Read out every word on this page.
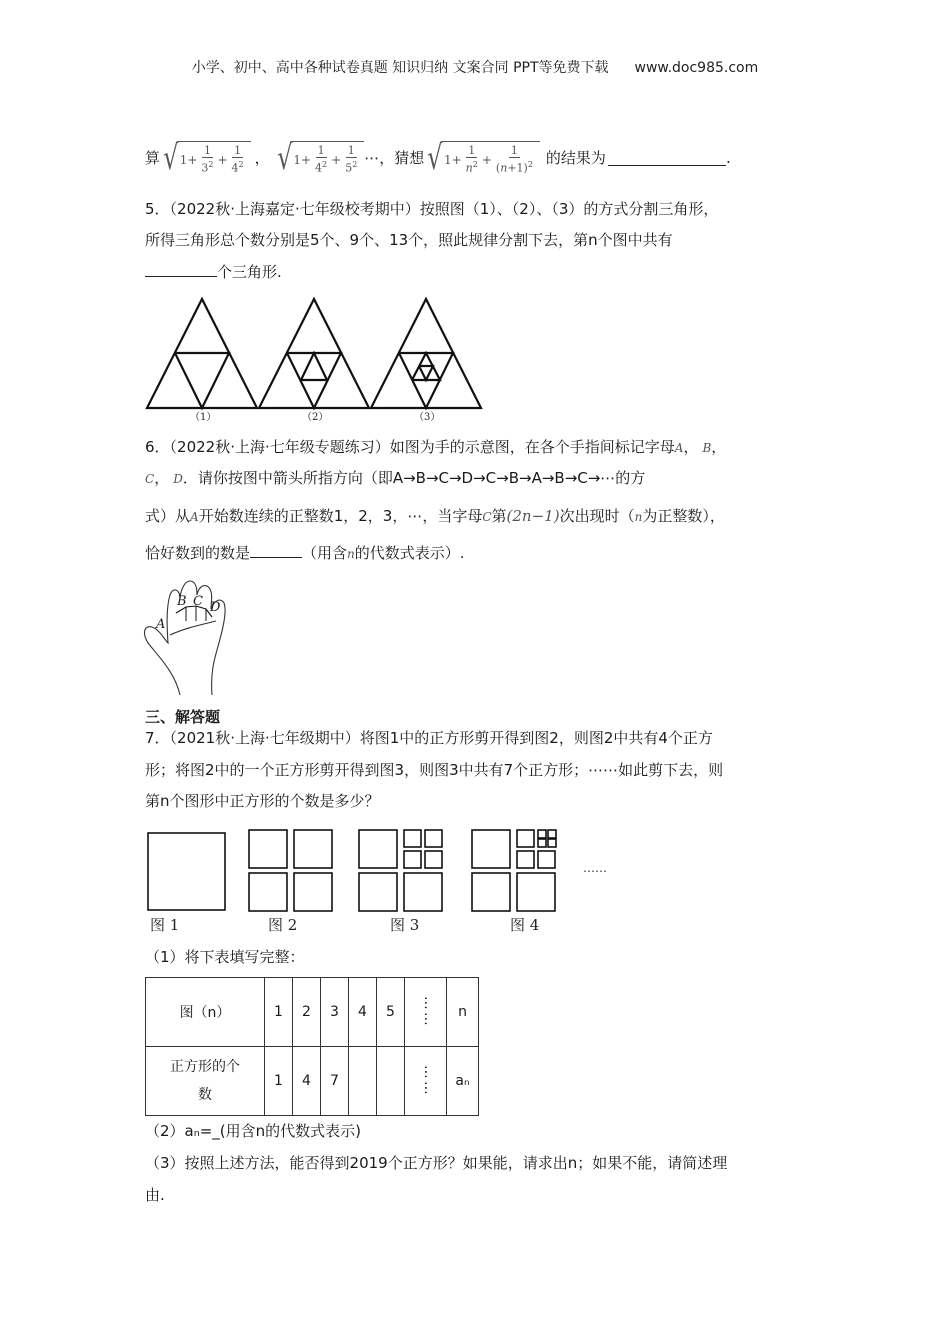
小学、初中、高中各种试卷真题 知识归纳 文案合同 PPT等免费下载 www.doc985.com
算 √ $1+ \frac{1}{3^2} + \frac{1}{4^2}$ ， √ $1+ \frac{1}{4^2} + \frac{1}{5^2}$ ⋯，猜想 √ $1+ \frac{1}{n^2} + \frac{1}{(n+1)^2}$ 的结果为	.
5．（2022秋·上海嘉定·七年级校考期中）按照图（1）、（2）、（3）的方式分割三角形，
所得三角形总个数分别是5个、9个、13个，照此规律分割下去，第n个图中共有
个三角形.
（1）	（2）	（3）
6．（2022秋·上海·七年级专题练习）如图为手的示意图，在各个手指间标记字母A， B，
C， D．请你按图中箭头所指方向（即A→B→C→D→C→B→A→B→C→⋯的方
式）从A开始数连续的正整数1，2，3，⋯，当字母C第(2n−1)次出现时（n为正整数），
恰好数到的数是	（用含n的代数式表示）.
A
B C D
三、解答题
7．（2021秋·上海·七年级期中）将图1中的正方形剪开得到图2，则图2中共有4个正方
形；将图2中的一个正方形剪开得到图3，则图3中共有7个正方形；⋯⋯如此剪下去，则
第n个图形中正方形的个数是多少？
图 1	图 2	图 3	图 4
⋯⋯
（1）将下表填写完整：
图（n）	1	2	3	4	5	⋯⋯	n
正方形的个
数	1	4	7			⋯⋯	aₙ
（2）aₙ=_(用含n的代数式表示)
（3）按照上述方法，能否得到2019个正方形？如果能，请求出n；如果不能，请简述理
由.
